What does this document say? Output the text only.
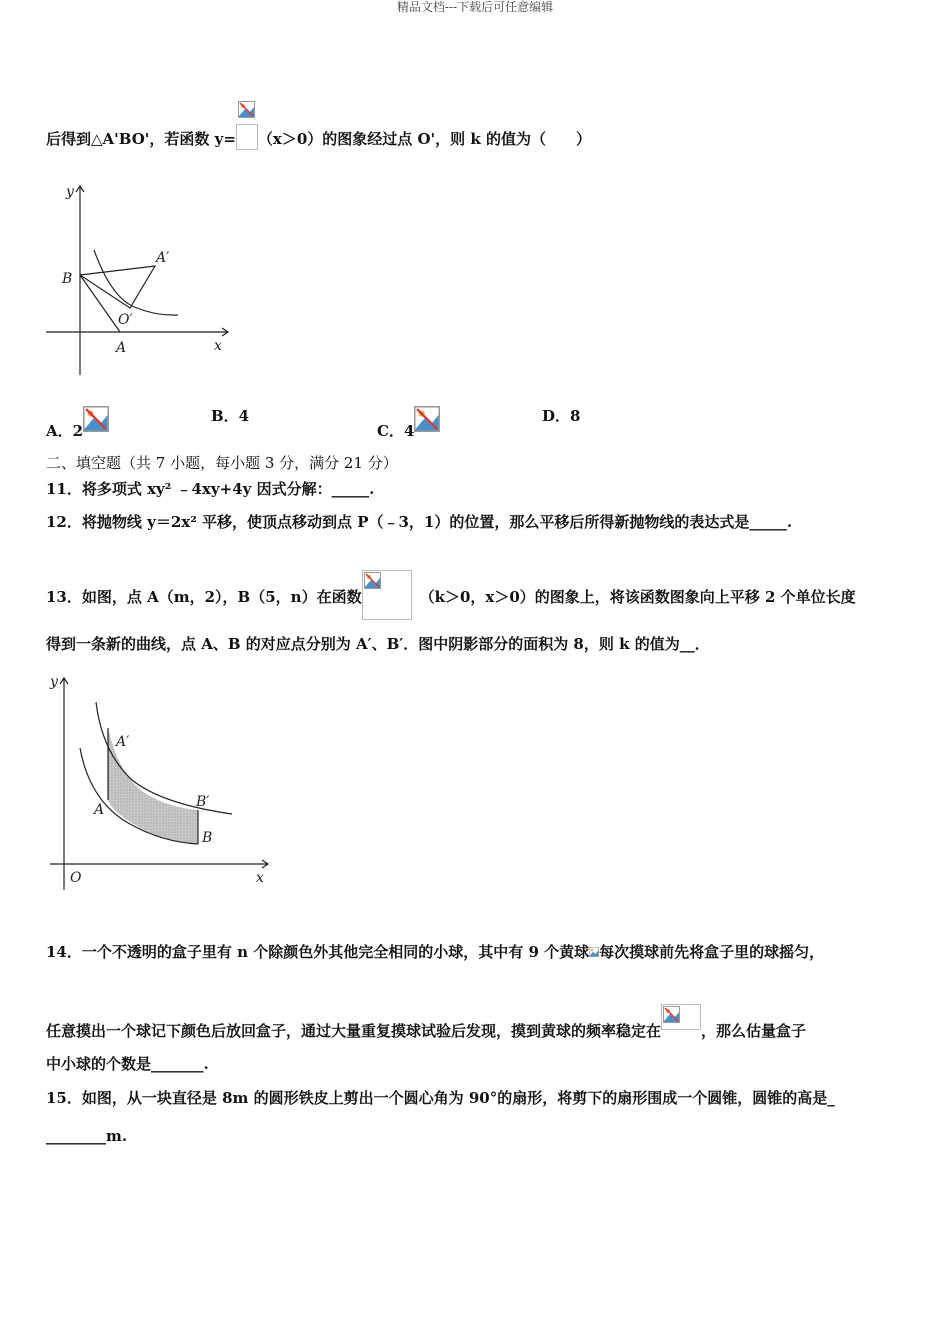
精品文档---下载后可任意编辑
后得到△A'BO'，若函数 y= （x＞0）的图象经过点 O'，则 k 的值为（　　）
y
x
B
A′
O′
A
A．2
B．4
C．4
D．8
二、填空题（共 7 小题，每小题 3 分，满分 21 分）
11．将多项式 xy² ﹣4xy+4y 因式分解：_____.
12．将抛物线 y＝2x² 平移，使顶点移动到点 P（﹣3，1）的位置，那么平移后所得新抛物线的表达式是_____.
13．如图，点 A（m，2），B（5，n）在函数	（k＞0，x＞0）的图象上，将该函数图象向上平移 2 个单位长度
得到一条新的曲线，点 A、B 的对应点分别为 A′、B′．图中阴影部分的面积为 8，则 k 的值为__．
y
x
O
A
A′
B′
B
14．一个不透明的盒子里有 n 个除颜色外其他完全相同的小球，其中有 9 个黄球 每次摸球前先将盒子里的球摇匀，
任意摸出一个球记下颜色后放回盒子，通过大量重复摸球试验后发现，摸到黄球的频率稳定在	，那么估量盒子
中小球的个数是_______.
15．如图，从一块直径是 8m 的圆形铁皮上剪出一个圆心角为 90°的扇形，将剪下的扇形围成一个圆锥，圆锥的高是_
________m.
